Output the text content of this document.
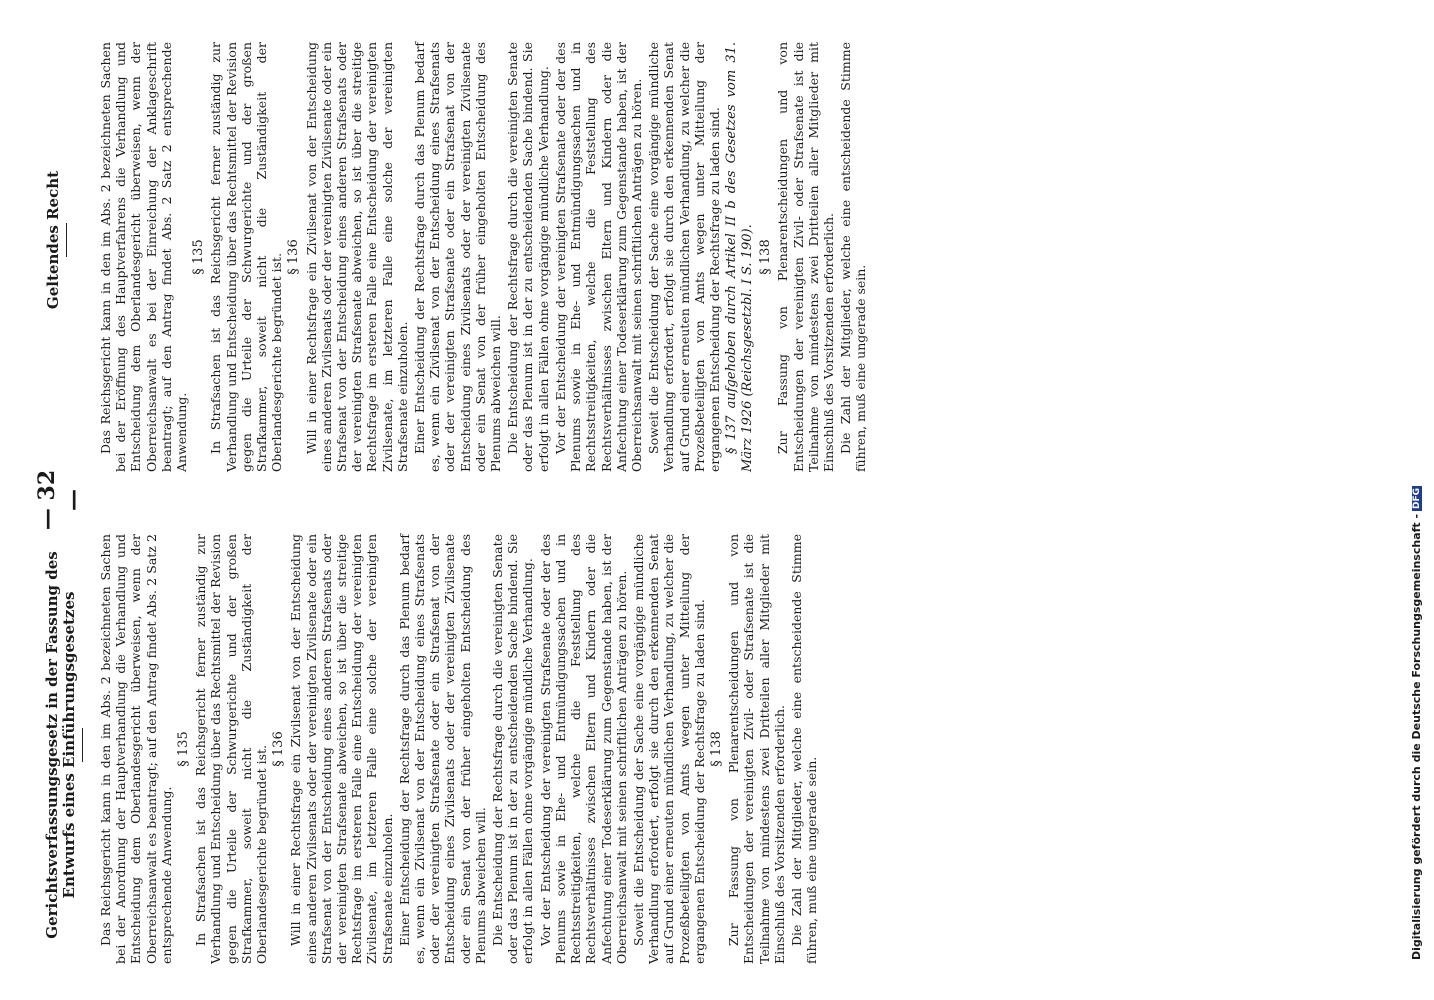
Gerichtsverfassungsgesetz in der Fassung des Entwurfs eines Einführungsgesetzes
— 32 —
Geltendes Recht

Das Reichsgericht kann in den im Abs. 2 bezeichneten Sachen bei der Anordnung der Hauptverhandlung die Verhandlung und Entscheidung dem Oberlandesgericht überweisen, wenn der Oberreichsanwalt es beantragt; auf den Antrag findet Abs. 2 Satz 2 entsprechende Anwendung.

§ 135 In Strafsachen ist das Reichsgericht ferner zuständig zur Verhandlung und Entscheidung über das Rechtsmittel der Revision gegen die Urteile der Schwurgerichte und der großen Strafkammer, soweit nicht die Zuständigkeit der Oberlandesgerichte begründet ist. § 136 Will in einer Rechtsfrage ein Zivilsenat von der Entscheidung eines anderen Zivilsenats oder der vereinigten Zivilsenate oder ein Strafsenat von der Entscheidung eines anderen Strafsenats oder der vereinigten Strafsenate abweichen, so ist über die streitige Rechtsfrage im ersteren Falle eine Entscheidung der vereinigten Zivilsenate, im letzteren Falle eine solche der vereinigten Strafsenate einzuholen. Einer Entscheidung der Rechtsfrage durch das Plenum bedarf es, wenn ein Zivilsenat von der Entscheidung eines Strafsenats oder der vereinigten Strafsenate oder ein Strafsenat von der Entscheidung eines Zivilsenats oder der vereinigten Zivilsenate oder ein Senat von der früher eingeholten Entscheidung des Plenums abweichen will. Die Entscheidung der Rechtsfrage durch die vereinigten Senate oder das Plenum ist in der zu entscheidenden Sache bindend. Sie erfolgt in allen Fällen ohne vorgängige mündliche Verhandlung. Vor der Entscheidung der vereinigten Strafsenate oder der des Plenums sowie in Ehe- und Entmündigungssachen und in Rechtsstreitigkeiten, welche die Feststellung des Rechtsverhältnisses zwischen Eltern und Kindern oder die Anfechtung einer Todeserklärung zum Gegenstande haben, ist der Oberreichsanwalt mit seinen schriftlichen Anträgen zu hören. Soweit die Entscheidung der Sache eine vorgängige mündliche Verhandlung erfordert, erfolgt sie durch den erkennenden Senat auf Grund einer erneuten mündlichen Verhandlung, zu welcher die Prozeßbeteiligten von Amts wegen unter Mitteilung der ergangenen Entscheidung der Rechtsfrage zu laden sind. § 138 Zur Fassung von Plenarentscheidungen und von Entscheidungen der vereinigten Zivil- oder Strafsenate ist die Teilnahme von mindestens zwei Dritteilen aller Mitglieder mit Einschluß des Vorsitzenden erforderlich. Die Zahl der Mitglieder, welche eine entscheidende Stimme führen, muß eine ungerade sein.

Das Reichsgericht kann in den im Abs. 2 bezeichneten Sachen bei der Eröffnung des Hauptverfahrens die Verhandlung und Entscheidung dem Oberlandesgericht überweisen, wenn der Oberreichsanwalt es bei der Einreichung der Anklageschrift beantragt; auf den Antrag findet Abs. 2 Satz 2 entsprechende Anwendung.

§ 135 In Strafsachen ist das Reichsgericht ferner zuständig zur Verhandlung und Entscheidung über das Rechtsmittel der Revision gegen die Urteile der Schwurgerichte und der großen Strafkammer, soweit nicht die Zuständigkeit der Oberlandesgerichte begründet ist. § 136 Will in einer Rechtsfrage ein Zivilsenat von der Entscheidung eines anderen Zivilsenats oder der vereinigten Zivilsenate oder ein Strafsenat von der Entscheidung eines anderen Strafsenats oder der vereinigten Strafsenate abweichen, so ist über die streitige Rechtsfrage im ersteren Falle eine Entscheidung der vereinigten Zivilsenate, im letzteren Falle eine solche der vereinigten Strafsenate einzuholen. Einer Entscheidung der Rechtsfrage durch das Plenum bedarf es, wenn ein Zivilsenat von der Entscheidung eines Strafsenats oder der vereinigten Strafsenate oder ein Strafsenat von der Entscheidung eines Zivilsenats oder der vereinigten Zivilsenate oder ein Senat von der früher eingeholten Entscheidung des Plenums abweichen will. Die Entscheidung der Rechtsfrage durch die vereinigten Senate oder das Plenum ist in der zu entscheidenden Sache bindend. Sie erfolgt in allen Fällen ohne vorgängige mündliche Verhandlung. Vor der Entscheidung der vereinigten Strafsenate oder der des Plenums sowie in Ehe- und Entmündigungssachen und in Rechtsstreitigkeiten, welche die Feststellung des Rechtsverhältnisses zwischen Eltern und Kindern oder die Anfechtung einer Todeserklärung zum Gegenstande haben, ist der Oberreichsanwalt mit seinen schriftlichen Anträgen zu hören. Soweit die Entscheidung der Sache eine vorgängige mündliche Verhandlung erfordert, erfolgt sie durch den erkennenden Senat auf Grund einer erneuten mündlichen Verhandlung, zu welcher die Prozeßbeteiligten von Amts wegen unter Mitteilung der ergangenen Entscheidung der Rechtsfrage zu laden sind. § 137 aufgehoben durch Artikel II b des Gesetzes vom 31. März 1926 (Reichsgesetzbl. I S. 190). § 138 Zur Fassung von Plenarentscheidungen und von Entscheidungen der vereinigten Zivil- oder Strafsenate ist die Teilnahme von mindestens zwei Dritteilen aller Mitglieder mit Einschluß des Vorsitzenden erforderlich. Die Zahl der Mitglieder, welche eine entscheidende Stimme führen, muß eine ungerade sein.

Digitalisierung gefördert durch die Deutsche Forschungsgemeinschaft -DFG
